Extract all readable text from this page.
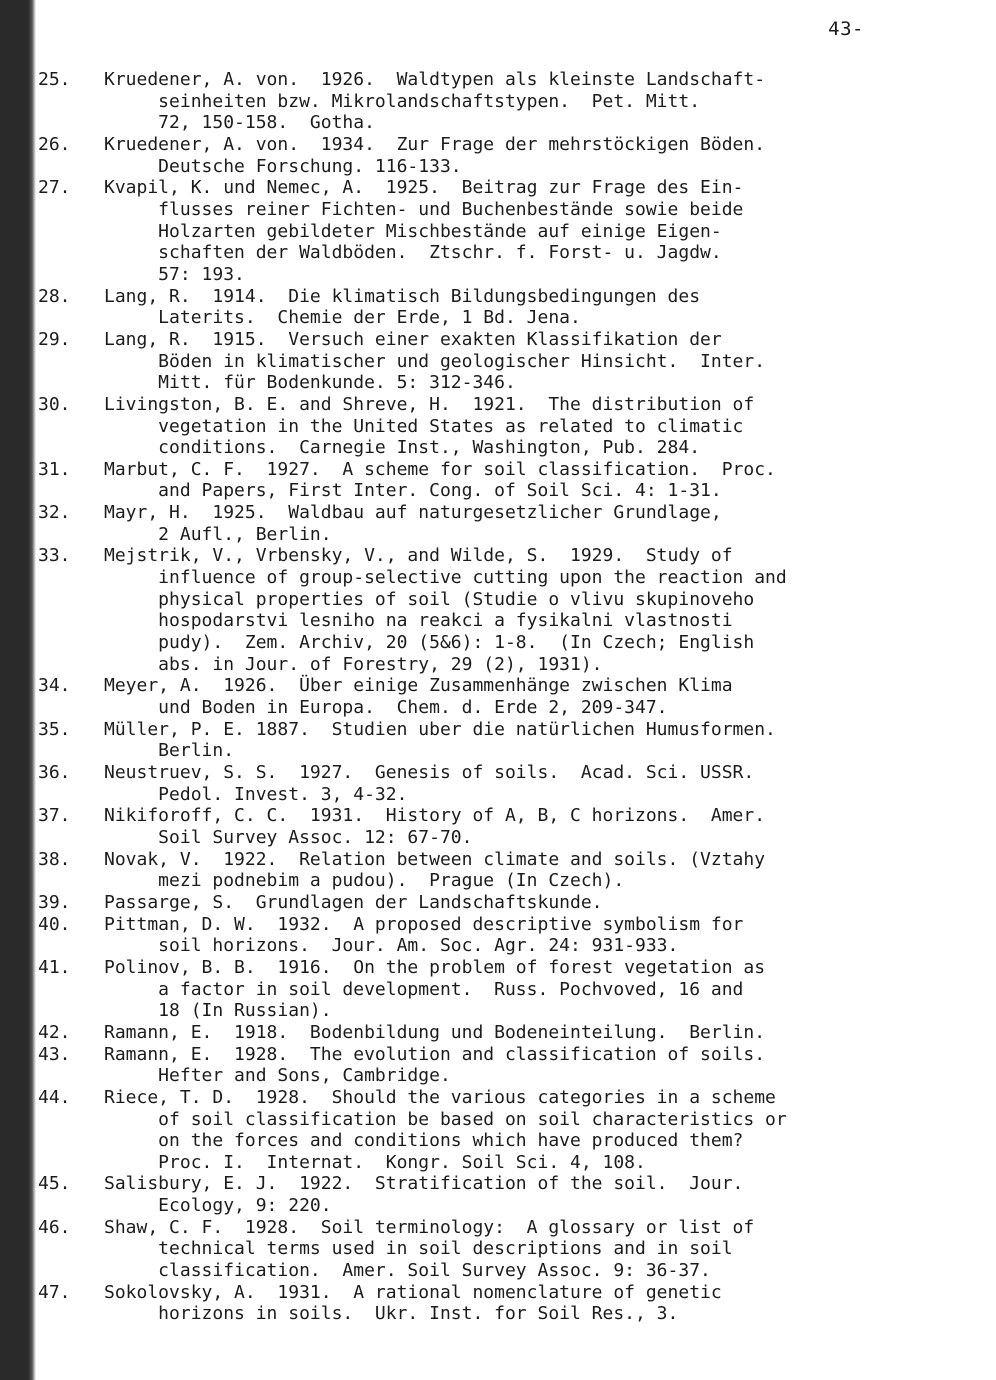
43-
25.	Kruedener, A. von.  1926.  Waldtypen als kleinste Landschaft-
seinheiten bzw. Mikrolandschaftstypen.  Pet. Mitt.
72, 150-158.  Gotha.
26.	Kruedener, A. von.  1934.  Zur Frage der mehrstöckigen Böden.
Deutsche Forschung. 116-133.
27.	Kvapil, K. und Nemec, A.  1925.  Beitrag zur Frage des Ein-
flusses reiner Fichten- und Buchenbestände sowie beide
Holzarten gebildeter Mischbestände auf einige Eigen-
schaften der Waldböden.  Ztschr. f. Forst- u. Jagdw.
57: 193.
28.	Lang, R.  1914.  Die klimatisch Bildungsbedingungen des
Laterits.  Chemie der Erde, 1 Bd. Jena.
29.	Lang, R.  1915.  Versuch einer exakten Klassifikation der
Böden in klimatischer und geologischer Hinsicht.  Inter.
Mitt. für Bodenkunde. 5: 312-346.
30.	Livingston, B. E. and Shreve, H.  1921.  The distribution of
vegetation in the United States as related to climatic
conditions.  Carnegie Inst., Washington, Pub. 284.
31.	Marbut, C. F.  1927.  A scheme for soil classification.  Proc.
and Papers, First Inter. Cong. of Soil Sci. 4: 1-31.
32.	Mayr, H.  1925.  Waldbau auf naturgesetzlicher Grundlage,
2 Aufl., Berlin.
33.	Mejstrik, V., Vrbensky, V., and Wilde, S.  1929.  Study of
influence of group-selective cutting upon the reaction and
physical properties of soil (Studie o vlivu skupinoveho
hospodarstvi lesniho na reakci a fysikalni vlastnosti
pudy).  Zem. Archiv, 20 (5&6): 1-8.  (In Czech; English
abs. in Jour. of Forestry, 29 (2), 1931).
34.	Meyer, A.  1926.  Über einige Zusammenhänge zwischen Klima
und Boden in Europa.  Chem. d. Erde 2, 209-347.
35.	Müller, P. E. 1887.  Studien uber die natürlichen Humusformen.
Berlin.
36.	Neustruev, S. S.  1927.  Genesis of soils.  Acad. Sci. USSR.
Pedol. Invest. 3, 4-32.
37.	Nikiforoff, C. C.  1931.  History of A, B, C horizons.  Amer.
Soil Survey Assoc. 12: 67-70.
38.	Novak, V.  1922.  Relation between climate and soils. (Vztahy
mezi podnebim a pudou).  Prague (In Czech).
39.	Passarge, S.  Grundlagen der Landschaftskunde.
40.	Pittman, D. W.  1932.  A proposed descriptive symbolism for
soil horizons.  Jour. Am. Soc. Agr. 24: 931-933.
41.	Polinov, B. B.  1916.  On the problem of forest vegetation as
a factor in soil development.  Russ. Pochvoved, 16 and
18 (In Russian).
42.	Ramann, E.  1918.  Bodenbildung und Bodeneinteilung.  Berlin.
43.	Ramann, E.  1928.  The evolution and classification of soils.
Hefter and Sons, Cambridge.
44.	Riece, T. D.  1928.  Should the various categories in a scheme
of soil classification be based on soil characteristics or
on the forces and conditions which have produced them?
Proc. I.  Internat.  Kongr. Soil Sci. 4, 108.
45.	Salisbury, E. J.  1922.  Stratification of the soil.  Jour.
Ecology, 9: 220.
46.	Shaw, C. F.  1928.  Soil terminology:  A glossary or list of
technical terms used in soil descriptions and in soil
classification.  Amer. Soil Survey Assoc. 9: 36-37.
47.	Sokolovsky, A.  1931.  A rational nomenclature of genetic
horizons in soils.  Ukr. Inst. for Soil Res., 3.
